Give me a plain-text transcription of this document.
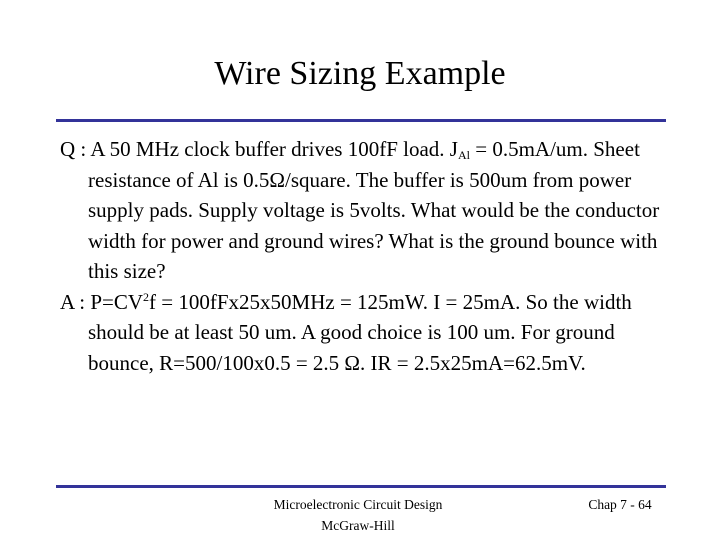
Wire Sizing Example

Q : A 50 MHz clock buffer drives 100fF load. $J_{Al} = 0.5mA/um$. Sheet resistance of Al is 0.5Ω/square. The buffer is 500um from power supply pads. Supply voltage is 5volts. What would be the conductor width for power and ground wires? What is the ground bounce with this size?

A : $P=CV^2f = 100fFx25x50MHz = 125mW$. I = 25mA. So the width should be at least 50 um. A good choice is 100 um. For ground bounce, R=500/100x0.5 = 2.5 Ω. IR = 2.5x25mA=62.5mV.

Microelectronic Circuit Design
McGraw-Hill
Chap 7 - 64
